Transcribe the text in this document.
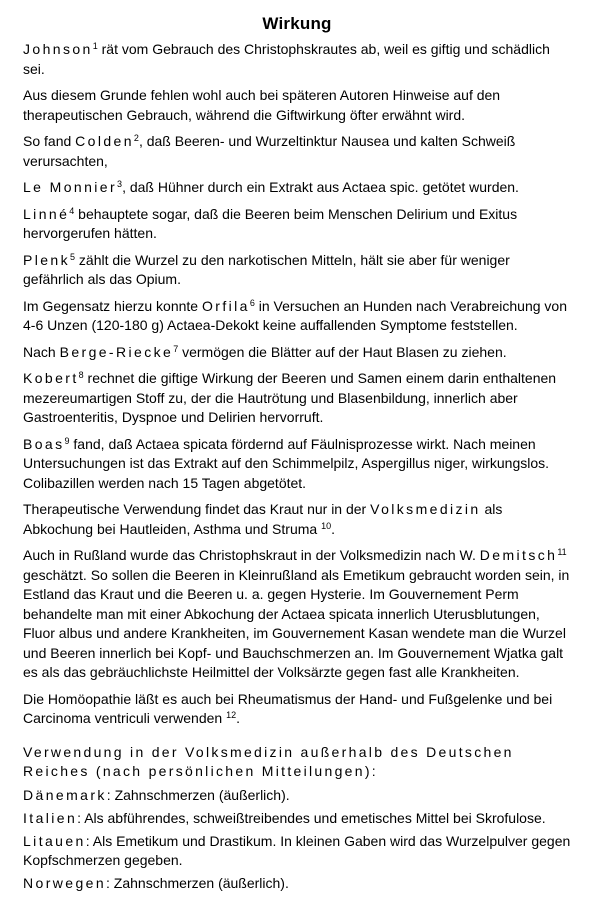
Wirkung

Johnson$^1$ rät vom Gebrauch des Christophskrautes ab, weil es giftig und schädlich sei.

Aus diesem Grunde fehlen wohl auch bei späteren Autoren Hinweise auf den therapeutischen Gebrauch, während die Giftwirkung öfter erwähnt wird.

So fand Colden$^2$, daß Beeren- und Wurzeltinktur Nausea und kalten Schweiß verursachten,

Le Monnier$^3$, daß Hühner durch ein Extrakt aus Actaea spic. getötet wurden.

Linné$^4$ behauptete sogar, daß die Beeren beim Menschen Delirium und Exitus hervorgerufen hätten.

Plenk$^5$ zählt die Wurzel zu den narkotischen Mitteln, hält sie aber für weniger gefährlich als das Opium.

Im Gegensatz hierzu konnte Orfila$^6$ in Versuchen an Hunden nach Verabreichung von 4-6 Unzen (120-180 g) Actaea-Dekokt keine auffallenden Symptome feststellen.

Nach Berge-Riecke$^7$ vermögen die Blätter auf der Haut Blasen zu ziehen.

Kobert$^8$ rechnet die giftige Wirkung der Beeren und Samen einem darin enthaltenen mezereumartigen Stoff zu, der die Hautrötung und Blasenbildung, innerlich aber Gastroenteritis, Dyspnoe und Delirien hervorruft.

Boas$^9$ fand, daß Actaea spicata fördernd auf Fäulnisprozesse wirkt. Nach meinen Untersuchungen ist das Extrakt auf den Schimmelpilz, Aspergillus niger, wirkungslos. Colibazillen werden nach 15 Tagen abgetötet.

Therapeutische Verwendung findet das Kraut nur in der Volksmedizin als Abkochung bei Hautleiden, Asthma und Struma $^{10}$.

Auch in Rußland wurde das Christophskraut in der Volksmedizin nach W. Demitsch$^{11}$ geschätzt. So sollen die Beeren in Kleinrußland als Emetikum gebraucht worden sein, in Estland das Kraut und die Beeren u. a. gegen Hysterie. Im Gouvernement Perm behandelte man mit einer Abkochung der Actaea spicata innerlich Uterusblutungen, Fluor albus und andere Krankheiten, im Gouvernement Kasan wendete man die Wurzel und Beeren innerlich bei Kopf- und Bauchschmerzen an. Im Gouvernement Wjatka galt es als das gebräuchlichste Heilmittel der Volksärzte gegen fast alle Krankheiten.

Die Homöopathie läßt es auch bei Rheumatismus der Hand- und Fußgelenke und bei Carcinoma ventriculi verwenden $^{12}$.

Verwendung in der Volksmedizin außerhalb des Deutschen Reiches (nach persönlichen Mitteilungen):
Dänemark: Zahnschmerzen (äußerlich).
Italien: Als abführendes, schweißtreibendes und emetisches Mittel bei Skrofulose.
Litauen: Als Emetikum und Drastikum. In kleinen Gaben wird das Wurzelpulver gegen Kopfschmerzen gegeben.
Norwegen: Zahnschmerzen (äußerlich).
